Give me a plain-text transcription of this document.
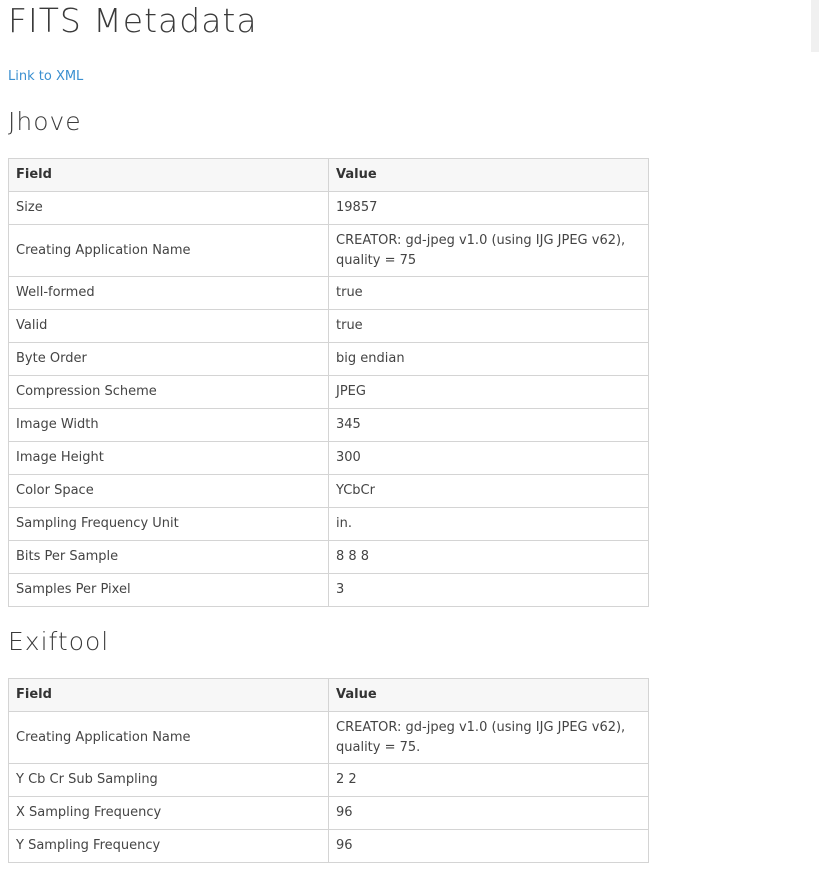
FITS Metadata
Link to XML
Jhove
Field	Value
Size	19857
Creating Application Name	CREATOR: gd-jpeg v1.0 (using IJG JPEG v62), quality = 75
Well-formed	true
Valid	true
Byte Order	big endian
Compression Scheme	JPEG
Image Width	345
Image Height	300
Color Space	YCbCr
Sampling Frequency Unit	in.
Bits Per Sample	8 8 8
Samples Per Pixel	3
Exiftool
Field	Value
Creating Application Name	CREATOR: gd-jpeg v1.0 (using IJG JPEG v62), quality = 75.
Y Cb Cr Sub Sampling	2 2
X Sampling Frequency	96
Y Sampling Frequency	96
